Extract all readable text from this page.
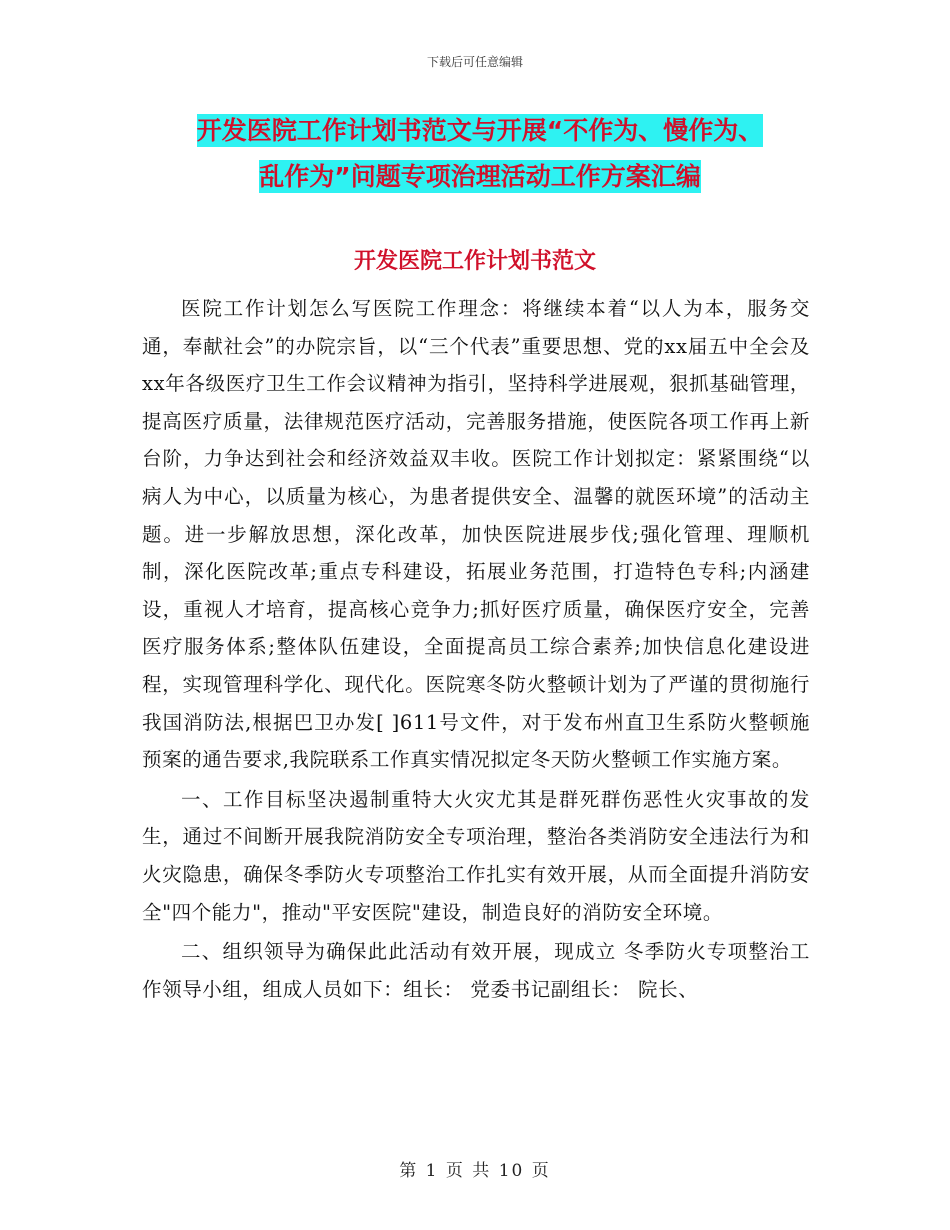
下载后可任意编辑
开发医院工作计划书范文与开展“不作为、慢作为、
乱作为”问题专项治理活动工作方案汇编
开发医院工作计划书范文

医院工作计划怎么写医院工作理念：将继续本着“以人为本，服务交通，奉献社会”的办院宗旨，以“三个代表”重要思想、党的xx届五中全会及xx年各级医疗卫生工作会议精神为指引，坚持科学进展观，狠抓基础管理，提高医疗质量，法律规范医疗活动，完善服务措施，使医院各项工作再上新台阶，力争达到社会和经济效益双丰收。医院工作计划拟定：紧紧围绕“以病人为中心，以质量为核心，为患者提供安全、温馨的就医环境”的活动主题。进一步解放思想，深化改革，加快医院进展步伐;强化管理、理顺机制，深化医院改革;重点专科建设，拓展业务范围，打造特色专科;内涵建设，重视人才培育，提高核心竞争力;抓好医疗质量，确保医疗安全，完善医疗服务体系;整体队伍建设，全面提高员工综合素养;加快信息化建设进程，实现管理科学化、现代化。医院寒冬防火整顿计划为了严谨的贯彻施行我国消防法,根据巴卫办发[ ]611号文件，对于发布州直卫生系防火整顿施预案的通告要求,我院联系工作真实情况拟定冬天防火整顿工作实施方案。

一、工作目标坚决遏制重特大火灾尤其是群死群伤恶性火灾事故的发生，通过不间断开展我院消防安全专项治理，整治各类消防安全违法行为和火灾隐患，确保冬季防火专项整治工作扎实有效开展，从而全面提升消防安全"四个能力"，推动"平安医院"建设，制造良好的消防安全环境。

二、组织领导为确保此此活动有效开展，现成立 冬季防火专项整治工作领导小组，组成人员如下：组长： 党委书记副组长： 院长、

第 1 页 共 10 页
